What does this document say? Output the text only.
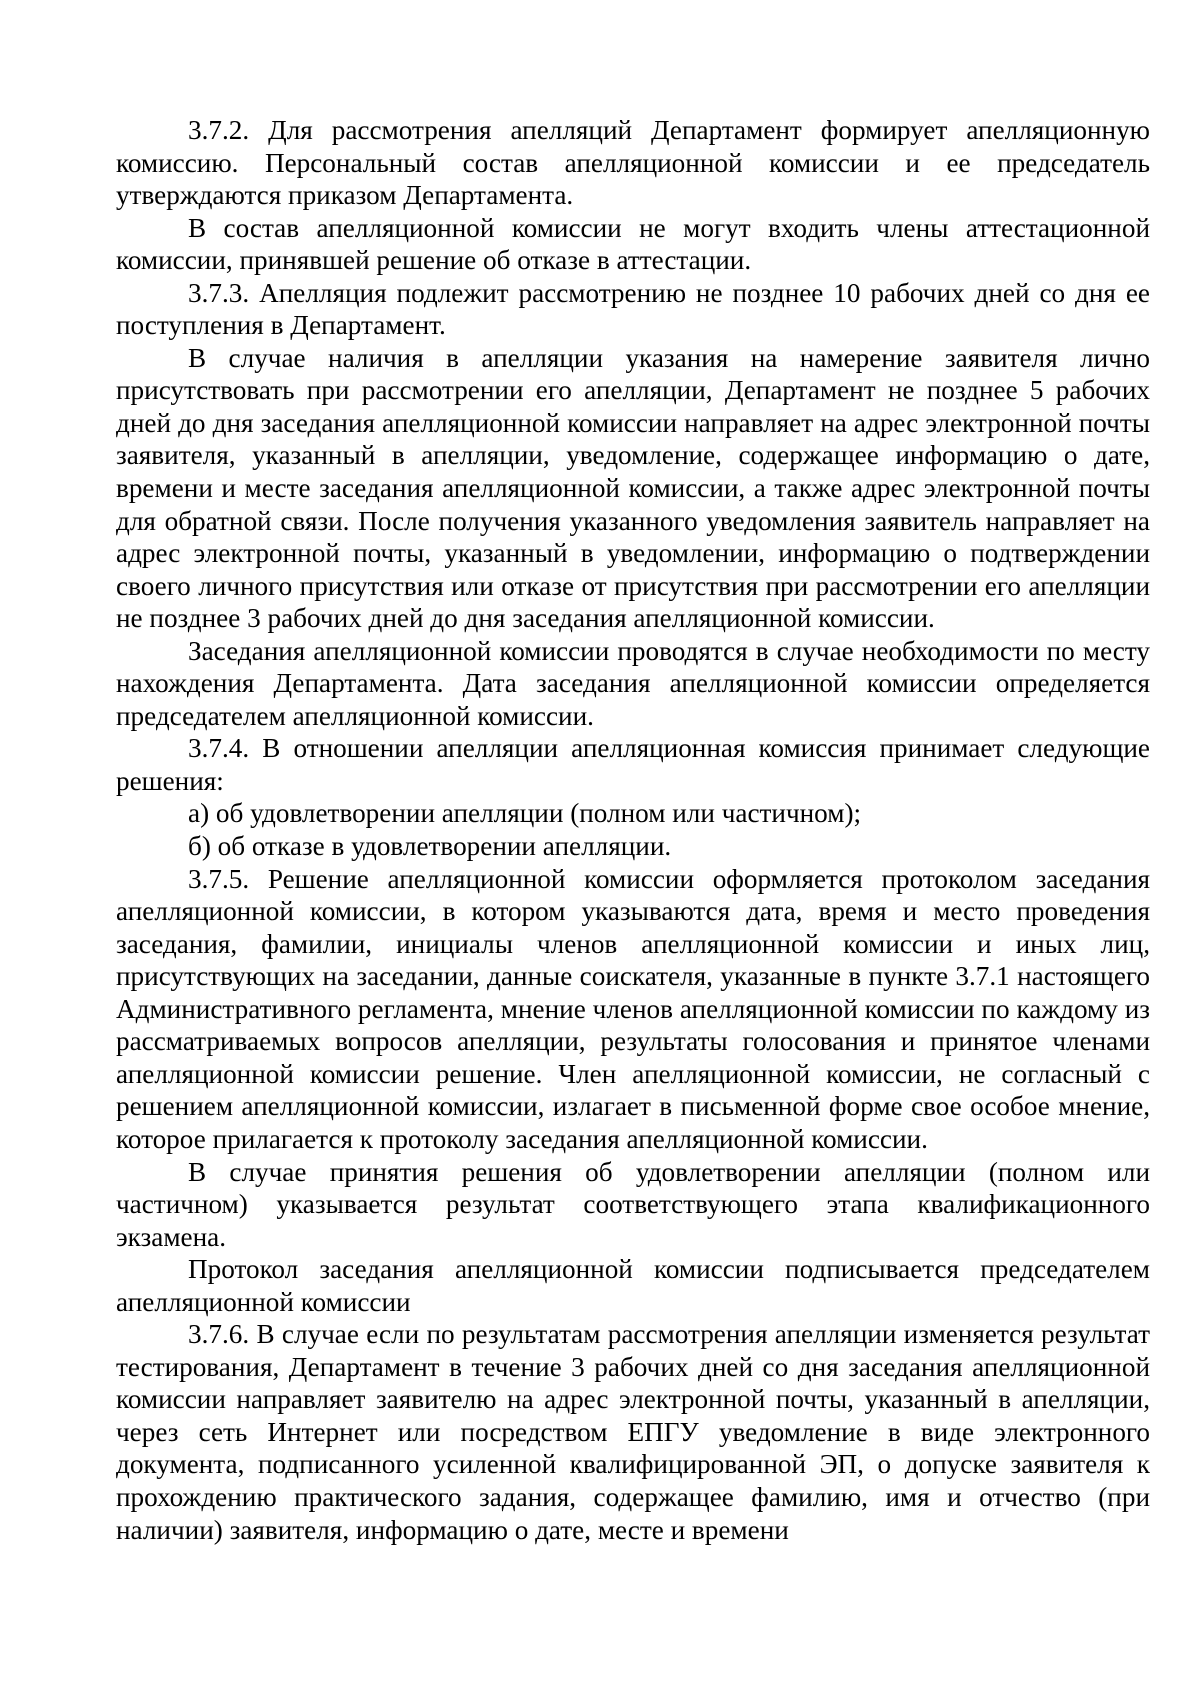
3.7.2. Для рассмотрения апелляций Департамент формирует апелляционную комиссию. Персональный состав апелляционной комиссии и ее председатель утверждаются приказом Департамента.

В состав апелляционной комиссии не могут входить члены аттестационной комиссии, принявшей решение об отказе в аттестации.

3.7.3. Апелляция подлежит рассмотрению не позднее 10 рабочих дней со дня ее поступления в Департамент.

В случае наличия в апелляции указания на намерение заявителя лично присутствовать при рассмотрении его апелляции, Департамент не позднее 5 рабочих дней до дня заседания апелляционной комиссии направляет на адрес электронной почты заявителя, указанный в апелляции, уведомление, содержащее информацию о дате, времени и месте заседания апелляционной комиссии, а также адрес электронной почты для обратной связи. После получения указанного уведомления заявитель направляет на адрес электронной почты, указанный в уведомлении, информацию о подтверждении своего личного присутствия или отказе от присутствия при рассмотрении его апелляции не позднее 3 рабочих дней до дня заседания апелляционной комиссии.

Заседания апелляционной комиссии проводятся в случае необходимости по месту нахождения Департамента. Дата заседания апелляционной комиссии определяется председателем апелляционной комиссии.

3.7.4. В отношении апелляции апелляционная комиссия принимает следующие решения:

а) об удовлетворении апелляции (полном или частичном);

б) об отказе в удовлетворении апелляции.

3.7.5. Решение апелляционной комиссии оформляется протоколом заседания апелляционной комиссии, в котором указываются дата, время и место проведения заседания, фамилии, инициалы членов апелляционной комиссии и иных лиц, присутствующих на заседании, данные соискателя, указанные в пункте 3.7.1 настоящего Административного регламента, мнение членов апелляционной комиссии по каждому из рассматриваемых вопросов апелляции, результаты голосования и принятое членами апелляционной комиссии решение. Член апелляционной комиссии, не согласный с решением апелляционной комиссии, излагает в письменной форме свое особое мнение, которое прилагается к протоколу заседания апелляционной комиссии.

В случае принятия решения об удовлетворении апелляции (полном или частичном) указывается результат соответствующего этапа квалификационного экзамена.

Протокол заседания апелляционной комиссии подписывается председателем апелляционной комиссии

3.7.6. В случае если по результатам рассмотрения апелляции изменяется результат тестирования, Департамент в течение 3 рабочих дней со дня заседания апелляционной комиссии направляет заявителю на адрес электронной почты, указанный в апелляции, через сеть Интернет или посредством ЕПГУ уведомление в виде электронного документа, подписанного усиленной квалифицированной ЭП, о допуске заявителя к прохождению практического задания, содержащее фамилию, имя и отчество (при наличии) заявителя, информацию о дате, месте и времени
